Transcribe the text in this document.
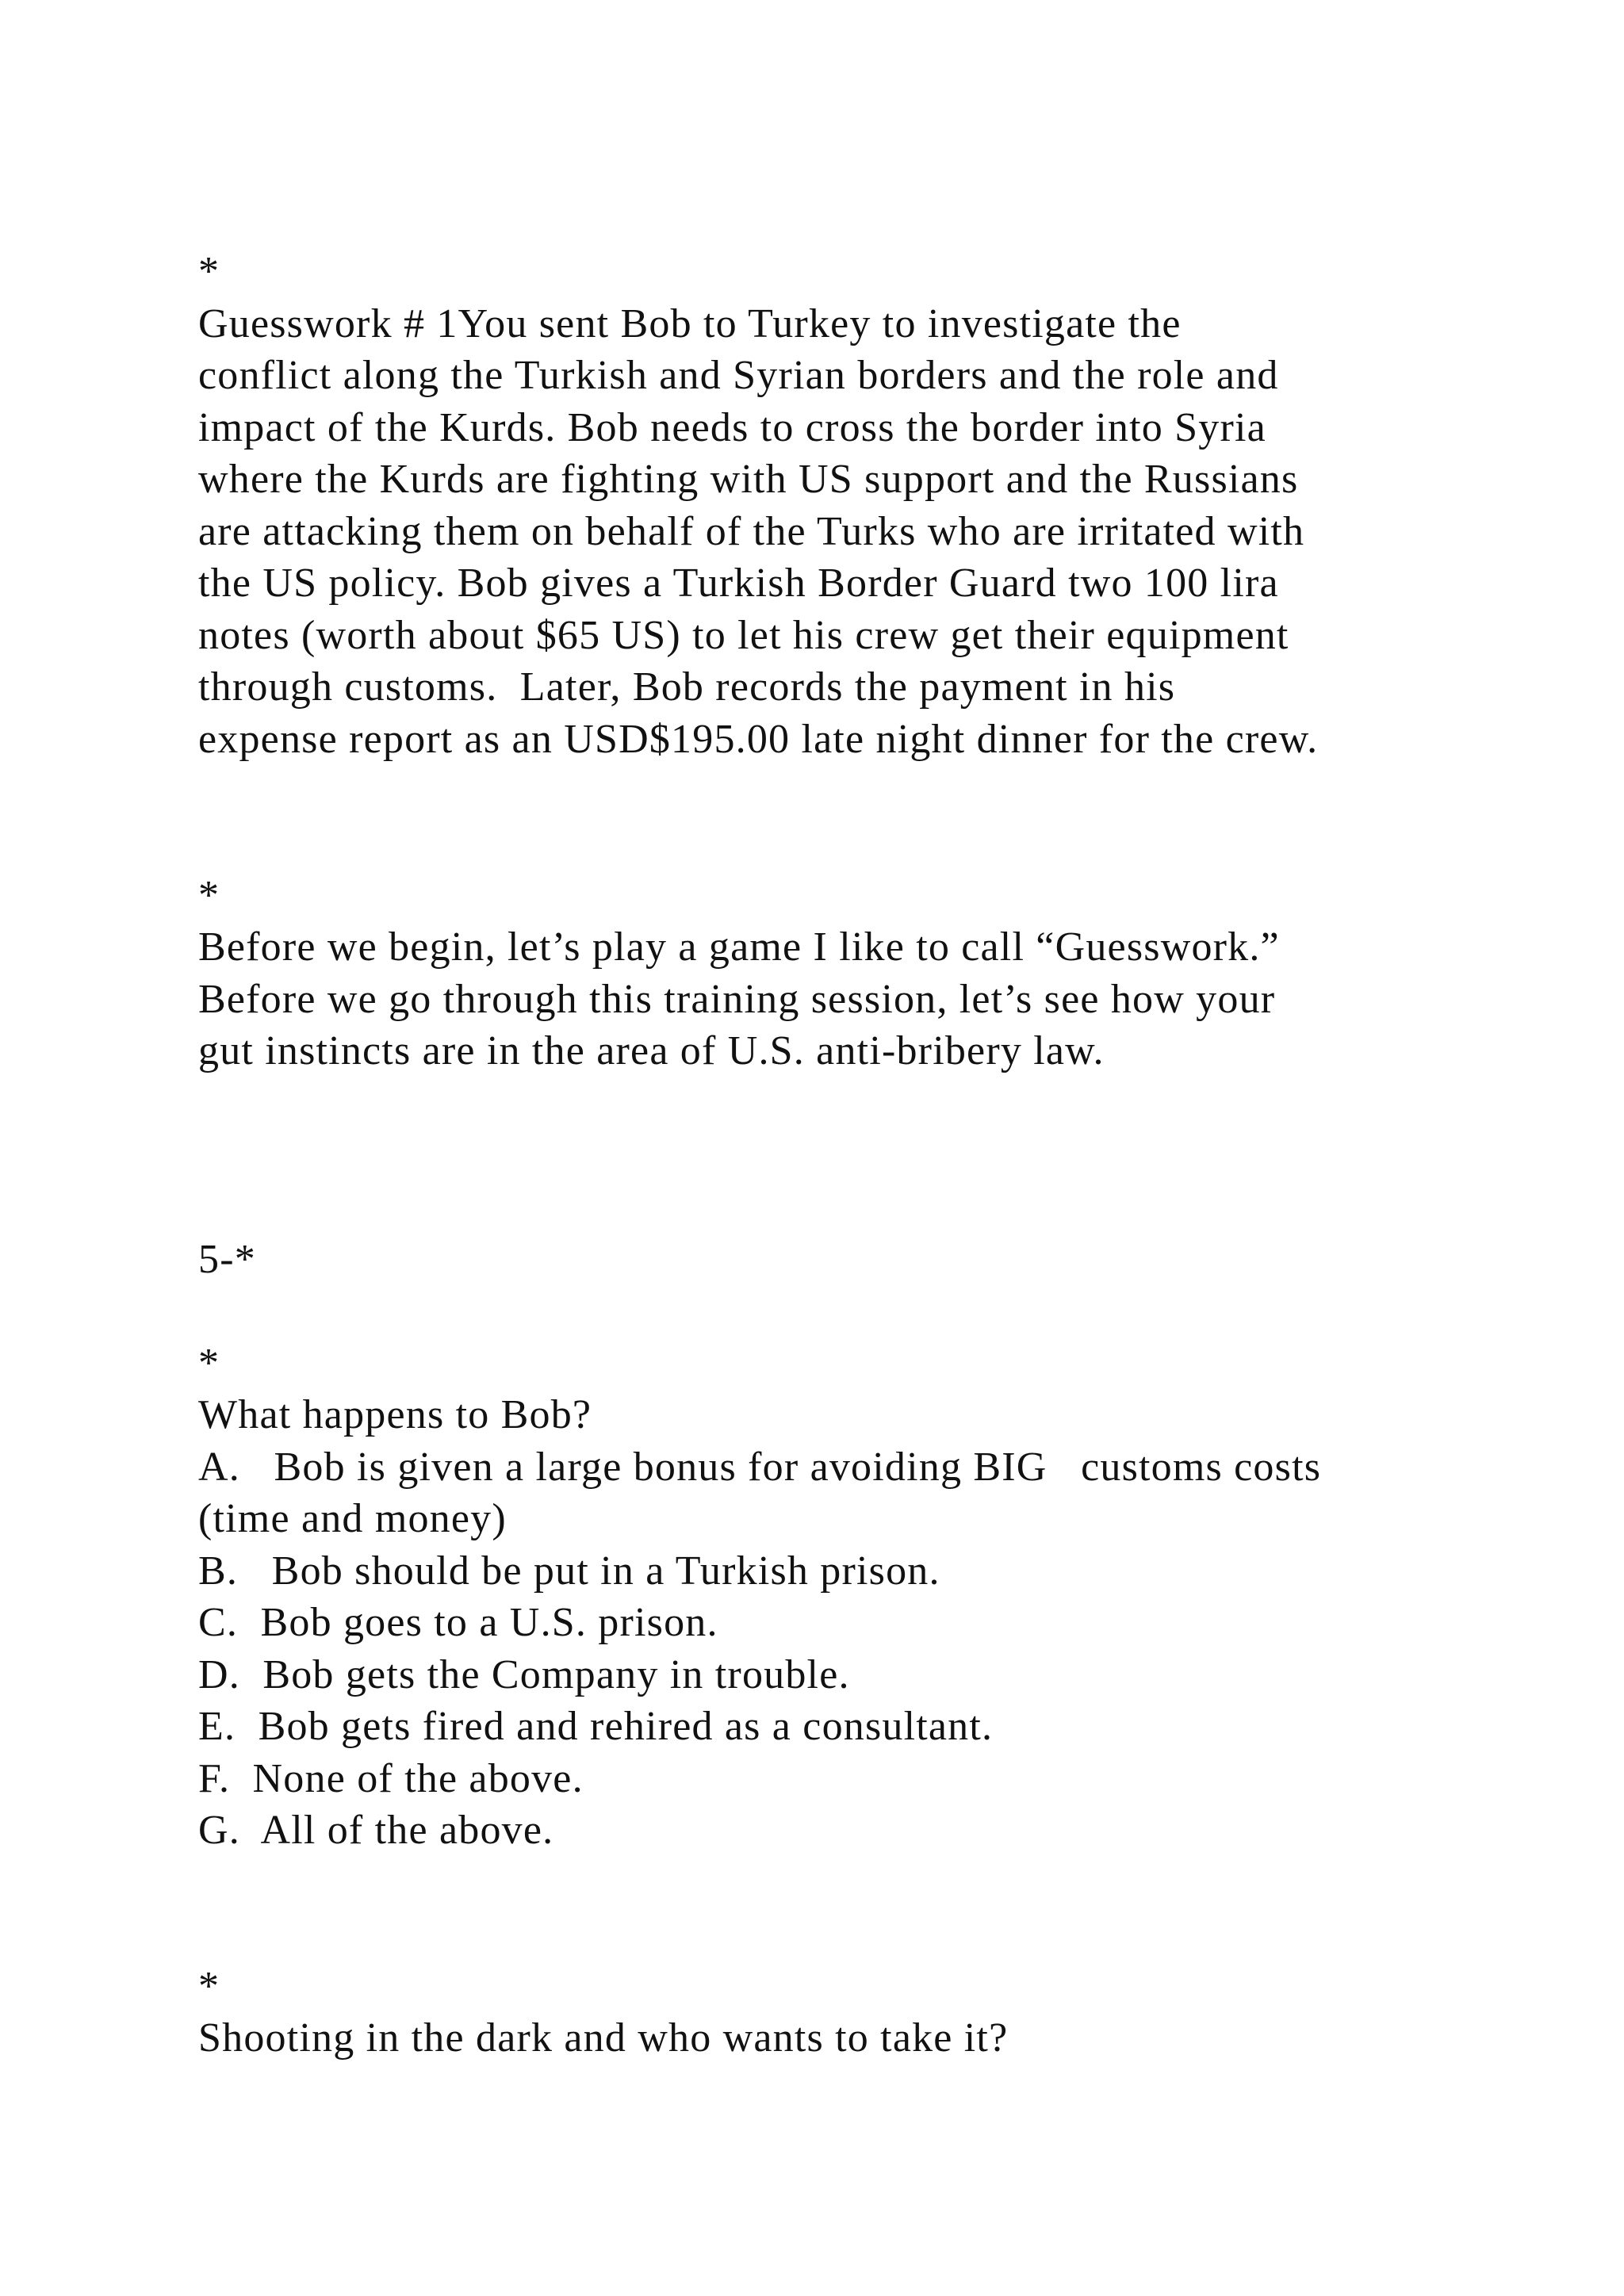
*
Guesswork # 1You sent Bob to Turkey to investigate the
conflict along the Turkish and Syrian borders and the role and
impact of the Kurds. Bob needs to cross the border into Syria
where the Kurds are fighting with US support and the Russians
are attacking them on behalf of the Turks who are irritated with
the US policy. Bob gives a Turkish Border Guard two 100 lira
notes (worth about $65 US) to let his crew get their equipment
through customs.  Later, Bob records the payment in his
expense report as an USD$195.00 late night dinner for the crew.
*
Before we begin, let’s play a game I like to call “Guesswork.”
Before we go through this training session, let’s see how your
gut instincts are in the area of U.S. anti-bribery law.
5-*
*
What happens to Bob?
A.   Bob is given a large bonus for avoiding BIG   customs costs
(time and money)
B.   Bob should be put in a Turkish prison.
C.  Bob goes to a U.S. prison.
D.  Bob gets the Company in trouble.
E.  Bob gets fired and rehired as a consultant.
F.  None of the above.
G.  All of the above.
*
Shooting in the dark and who wants to take it?
